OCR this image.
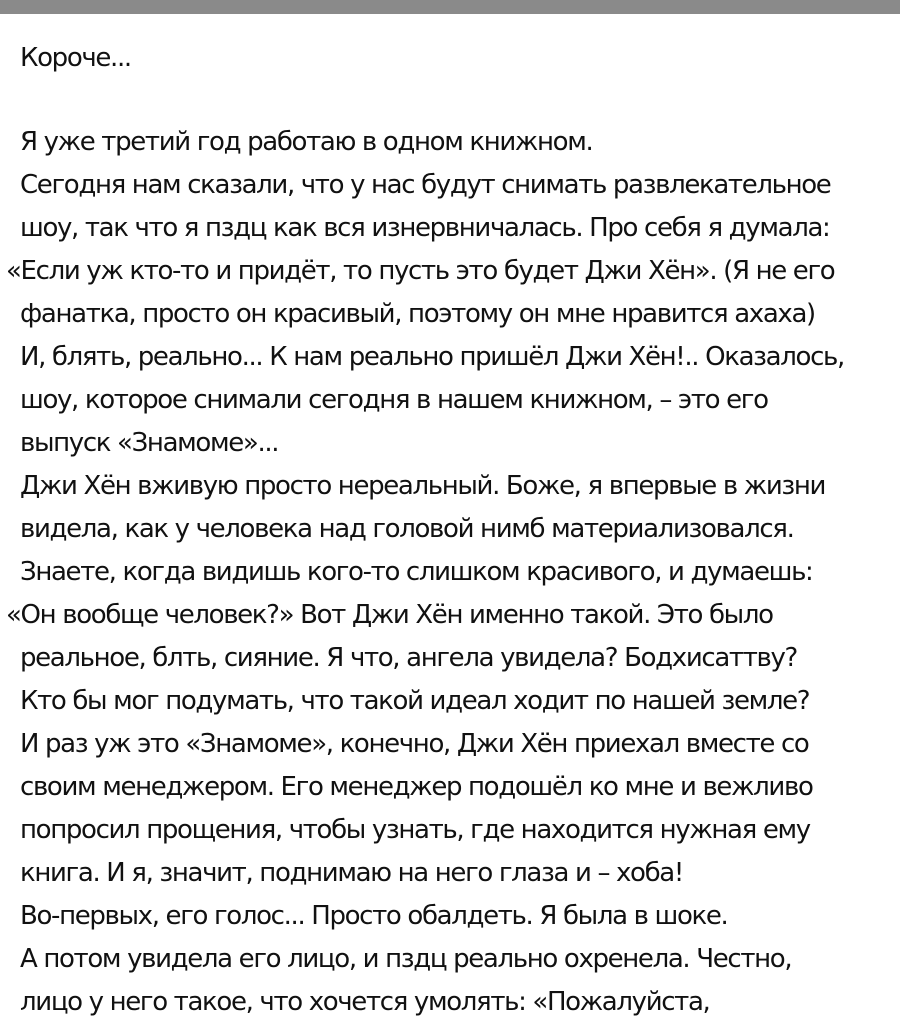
Короче...
Я уже третий год работаю в одном книжном.
Сегодня нам сказали, что у нас будут снимать развлекательное
шоу, так что я пздц как вся изнервничалась. Про себя я думала:
«Если уж кто-то и придёт, то пусть это будет Джи Хён». (Я не его
фанатка, просто он красивый, поэтому он мне нравится ахаха)
И, блять, реально... К нам реально пришёл Джи Хён!.. Оказалось,
шоу, которое снимали сегодня в нашем книжном, – это его
выпуск «Знамоме»...
Джи Хён вживую просто нереальный. Боже, я впервые в жизни
видела, как у человека над головой нимб материализовался.
Знаете, когда видишь кого-то слишком красивого, и думаешь:
«Он вообще человек?» Вот Джи Хён именно такой. Это было
реальное, блть, сияние. Я что, ангела увидела? Бодхисаттву?
Кто бы мог подумать, что такой идеал ходит по нашей земле?
И раз уж это «Знамоме», конечно, Джи Хён приехал вместе со
своим менеджером. Его менеджер подошёл ко мне и вежливо
попросил прощения, чтобы узнать, где находится нужная ему
книга. И я, значит, поднимаю на него глаза и – хоба!
Во-первых, его голос... Просто обалдеть. Я была в шоке.
А потом увидела его лицо, и пздц реально охренела. Честно,
лицо у него такое, что хочется умолять: «Пожалуйста,
